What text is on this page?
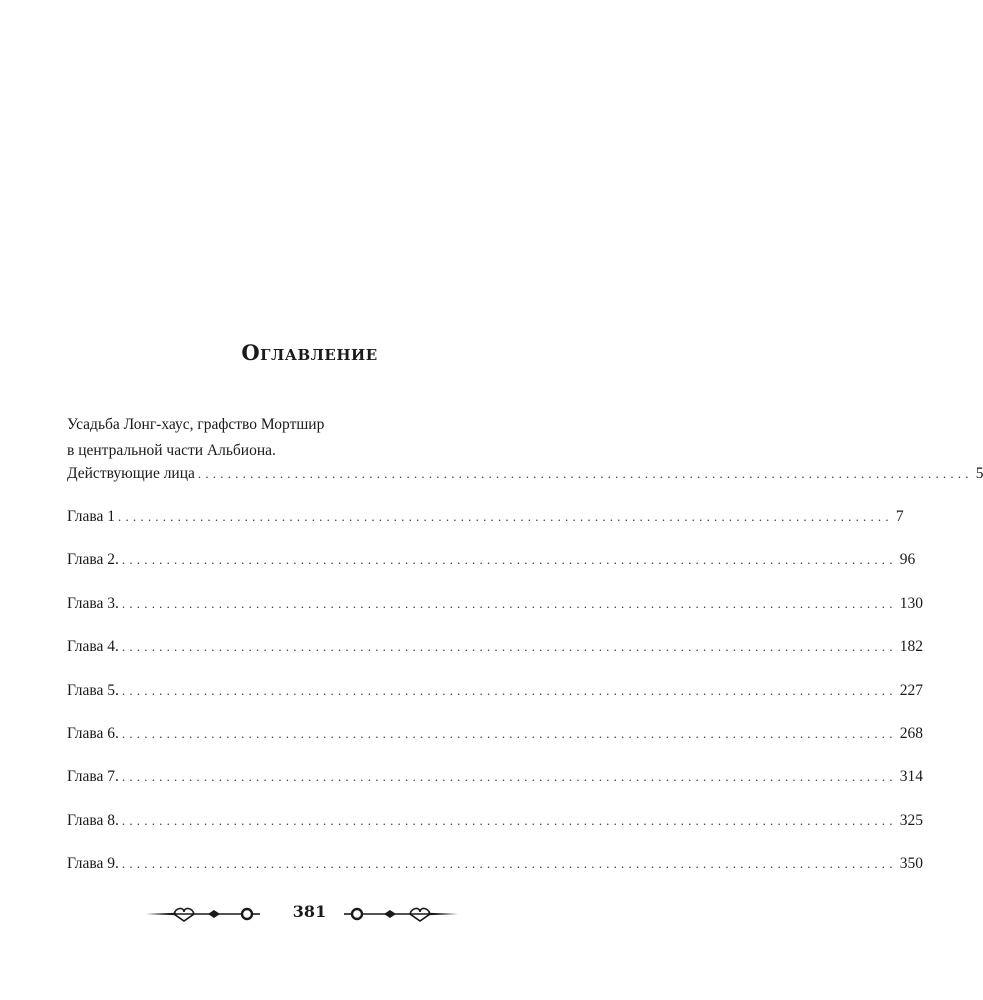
Оглавление
Усадьба Лонг-хаус, графство Мортшир
в центральной части Альбиона.
Действующие лица ........................................................................................................ 5
Глава 1 ........................................................................................................ 7
Глава 2. ........................................................................................................ 96
Глава 3. ........................................................................................................ 130
Глава 4. ........................................................................................................ 182
Глава 5. ........................................................................................................ 227
Глава 6. ........................................................................................................ 268
Глава 7. ........................................................................................................ 314
Глава 8. ........................................................................................................ 325
Глава 9. ........................................................................................................ 350
381
